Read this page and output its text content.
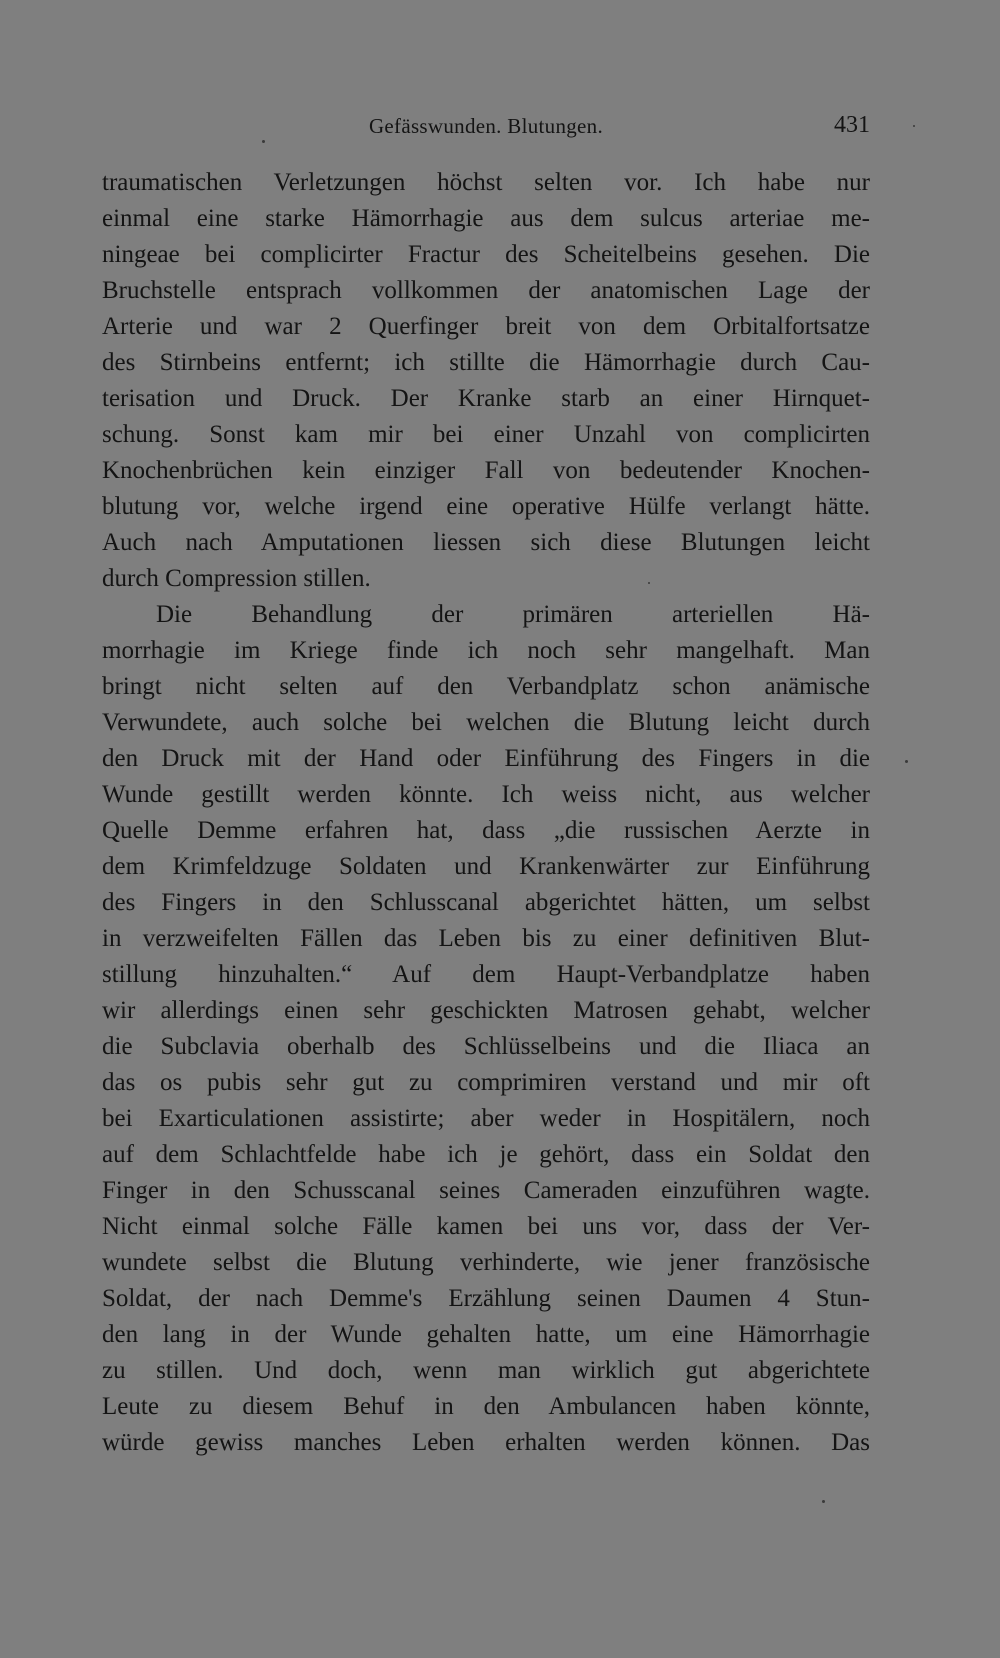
Gefässwunden. Blutungen.	431
traumatischen Verletzungen höchst selten vor. Ich habe nur
einmal eine starke Hämorrhagie aus dem sulcus arteriae me-
ningeae bei complicirter Fractur des Scheitelbeins gesehen. Die
Bruchstelle entsprach vollkommen der anatomischen Lage der
Arterie und war 2 Querfinger breit von dem Orbitalfortsatze
des Stirnbeins entfernt; ich stillte die Hämorrhagie durch Cau-
terisation und Druck. Der Kranke starb an einer Hirnquet-
schung. Sonst kam mir bei einer Unzahl von complicirten
Knochenbrüchen kein einziger Fall von bedeutender Knochen-
blutung vor, welche irgend eine operative Hülfe verlangt hätte.
Auch nach Amputationen liessen sich diese Blutungen leicht
durch Compression stillen.
Die Behandlung der primären arteriellen Hä-
morrhagie im Kriege finde ich noch sehr mangelhaft. Man
bringt nicht selten auf den Verbandplatz schon anämische
Verwundete, auch solche bei welchen die Blutung leicht durch
den Druck mit der Hand oder Einführung des Fingers in die
Wunde gestillt werden könnte. Ich weiss nicht, aus welcher
Quelle Demme erfahren hat, dass „die russischen Aerzte in
dem Krimfeldzuge Soldaten und Krankenwärter zur Einführung
des Fingers in den Schlusscanal abgerichtet hätten, um selbst
in verzweifelten Fällen das Leben bis zu einer definitiven Blut-
stillung hinzuhalten.“ Auf dem Haupt-Verbandplatze haben
wir allerdings einen sehr geschickten Matrosen gehabt, welcher
die Subclavia oberhalb des Schlüsselbeins und die Iliaca an
das os pubis sehr gut zu comprimiren verstand und mir oft
bei Exarticulationen assistirte; aber weder in Hospitälern, noch
auf dem Schlachtfelde habe ich je gehört, dass ein Soldat den
Finger in den Schusscanal seines Cameraden einzuführen wagte.
Nicht einmal solche Fälle kamen bei uns vor, dass der Ver-
wundete selbst die Blutung verhinderte, wie jener französische
Soldat, der nach Demme's Erzählung seinen Daumen 4 Stun-
den lang in der Wunde gehalten hatte, um eine Hämorrhagie
zu stillen. Und doch, wenn man wirklich gut abgerichtete
Leute zu diesem Behuf in den Ambulancen haben könnte,
würde gewiss manches Leben erhalten werden können. Das
